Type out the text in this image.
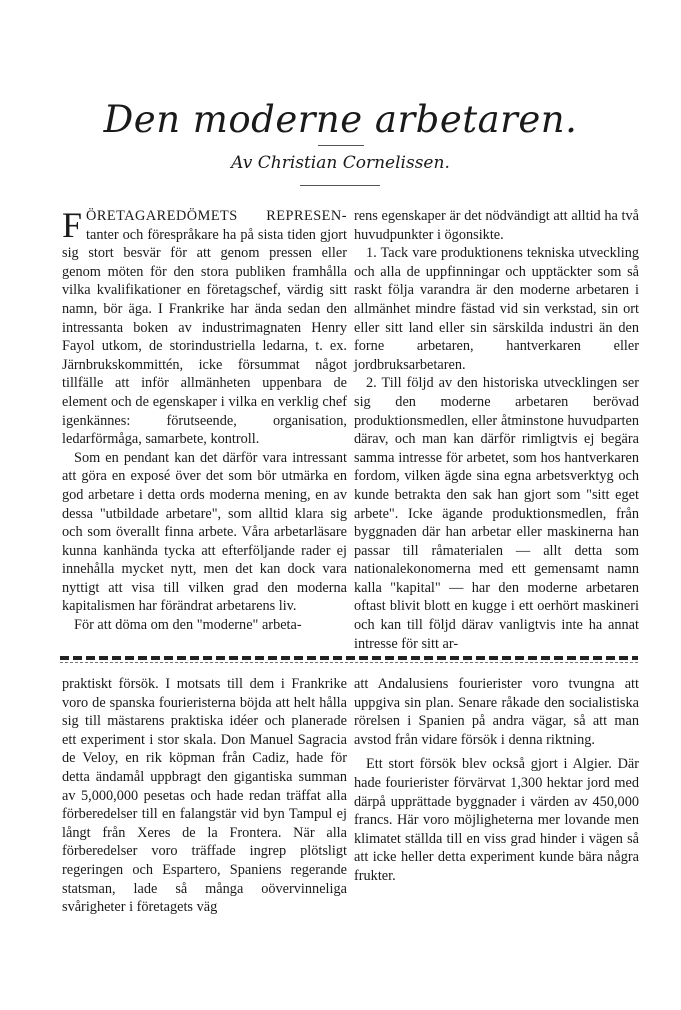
Den moderne arbetaren.
Av Christian Cornelissen.

FÖRETAGAREDÖMETS REPRESEN- tanter och förespråkare ha på sista tiden gjort sig stort besvär för att genom pressen eller genom möten för den stora publiken framhålla vilka kvalifikationer en företagschef, värdig sitt namn, bör äga. I Frankrike har ända sedan den intressanta boken av industrimagnaten Henry Fayol utkom, de storindustriella ledarna, t. ex. Järnbrukskommittén, icke försummat något tillfälle att inför allmänheten uppenbara de element och de egenskaper i vilka en verklig chef igenkännes: förutseende, organisation, ledarförmåga, samarbete, kontroll.

Som en pendant kan det därför vara intressant att göra en exposé över det som bör utmärka en god arbetare i detta ords moderna mening, en av dessa "utbildade arbetare", som alltid klara sig och som överallt finna arbete. Våra arbetarläsare kunna kanhända tycka att efterföljande rader ej innehålla mycket nytt, men det kan dock vara nyttigt att visa till vilken grad den moderna kapitalismen har förändrat arbetarens liv.

För att döma om den "moderne" arbeta-

rens egenskaper är det nödvändigt att alltid ha två huvudpunkter i ögonsikte.

1. Tack vare produktionens tekniska utveckling och alla de uppfinningar och upptäckter som så raskt följa varandra är den moderne arbetaren i allmänhet mindre fästad vid sin verkstad, sin ort eller sitt land eller sin särskilda industri än den forne arbetaren, hantverkaren eller jordbruksarbetaren.

2. Till följd av den historiska utvecklingen ser sig den moderne arbetaren berövad produktionsmedlen, eller åtminstone huvudparten därav, och man kan därför rimligtvis ej begära samma intresse för arbetet, som hos hantverkaren fordom, vilken ägde sina egna arbetsverktyg och kunde betrakta den sak han gjort som "sitt eget arbete". Icke ägande produktionsmedlen, från byggnaden där han arbetar eller maskinerna han passar till råmaterialen — allt detta som nationalekonomerna med ett gemensamt namn kalla "kapital" — har den moderne arbetaren oftast blivit blott en kugge i ett oerhört maskineri och kan till följd därav vanligtvis inte ha annat intresse för sitt ar-

praktiskt försök. I motsats till dem i Frankrike voro de spanska fourieristerna böjda att helt hålla sig till mästarens praktiska idéer och planerade ett experiment i stor skala. Don Manuel Sagracia de Veloy, en rik köpman från Cadiz, hade för detta ändamål uppbragt den gigantiska summan av 5,000,000 pesetas och hade redan träffat alla förberedelser till en falangstär vid byn Tampul ej långt från Xeres de la Frontera. När alla förberedelser voro träffade ingrep plötsligt regeringen och Espartero, Spaniens regerande statsman, lade så många oövervinneliga svårigheter i företagets väg

att Andalusiens fourierister voro tvungna att uppgiva sin plan. Senare råkade den socialistiska rörelsen i Spanien på andra vägar, så att man avstod från vidare försök i denna riktning.

Ett stort försök blev också gjort i Algier. Där hade fourierister förvärvat 1,300 hektar jord med därpå upprättade byggnader i värden av 450,000 francs. Här voro möjligheterna mer lovande men klimatet ställda till en viss grad hinder i vägen så att icke heller detta experiment kunde bära några frukter.
